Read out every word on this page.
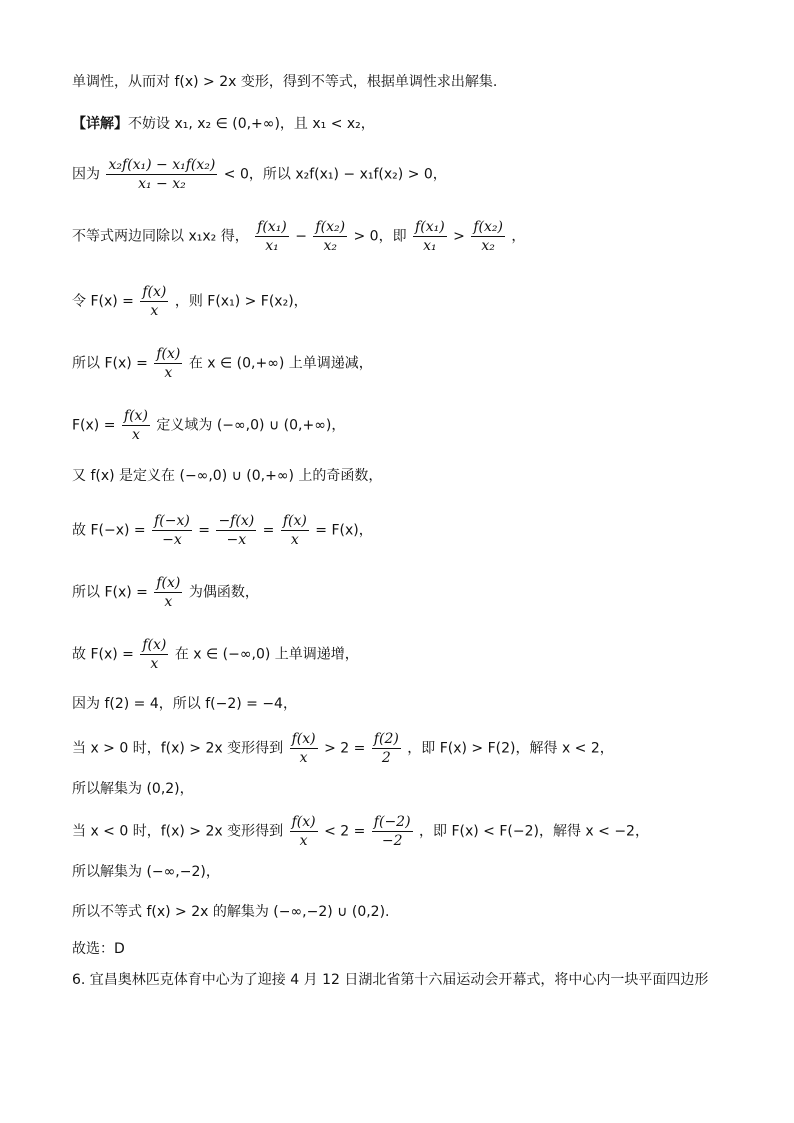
单调性，从而对 f(x) > 2x 变形，得到不等式，根据单调性求出解集.
【详解】不妨设 x₁, x₂ ∈ (0,+∞)，且 x₁ < x₂，
因为 $\frac{\text{x₂f(x₁) − x₁f(x₂)}}{\text{x₁ − x₂}} < 0$，所以 x₂f(x₁) − x₁f(x₂) > 0，
不等式两边同除以 x₁x₂ 得， $\frac{\text{f(x₁)}}{\text{x₁}} - \frac{\text{f(x₂)}}{\text{x₂}} > 0$，即 $\frac{\text{f(x₁)}}{\text{x₁}} > \frac{\text{f(x₂)}}{\text{x₂}}$ ，
令 $F(x) = \frac{f(x)}{x}$ ，则 F(x₁) > F(x₂)，
所以 $F(x) = \frac{f(x)}{x}$ 在 x ∈ (0,+∞) 上单调递减，
$F(x) = \frac{f(x)}{x}$ 定义域为 (−∞,0) ∪ (0,+∞)，
又 f(x) 是定义在 (−∞,0) ∪ (0,+∞) 上的奇函数，
故 $F(-x) = \frac{f(-x)}{-x} = \frac{-f(x)}{-x} = \frac{f(x)}{x} = F(x)$，
所以 $F(x) = \frac{f(x)}{x}$ 为偶函数，
故 $F(x) = \frac{f(x)}{x}$ 在 x ∈ (−∞,0) 上单调递增，
因为 f(2) = 4，所以 f(−2) = −4，
当 x > 0 时，f(x) > 2x 变形得到 $\frac{f(x)}{x} > 2 = \frac{f(2)}{2}$ ，即 F(x) > F(2)，解得 x < 2，
所以解集为 (0,2)，
当 x < 0 时，f(x) > 2x 变形得到 $\frac{f(x)}{x} < 2 = \frac{f(-2)}{-2}$ ，即 F(x) < F(−2)，解得 x < −2，
所以解集为 (−∞,−2)，
所以不等式 f(x) > 2x 的解集为 (−∞,−2) ∪ (0,2).
故选：D
6. 宜昌奥林匹克体育中心为了迎接 4 月 12 日湖北省第十六届运动会开幕式，将中心内一块平面四边形
